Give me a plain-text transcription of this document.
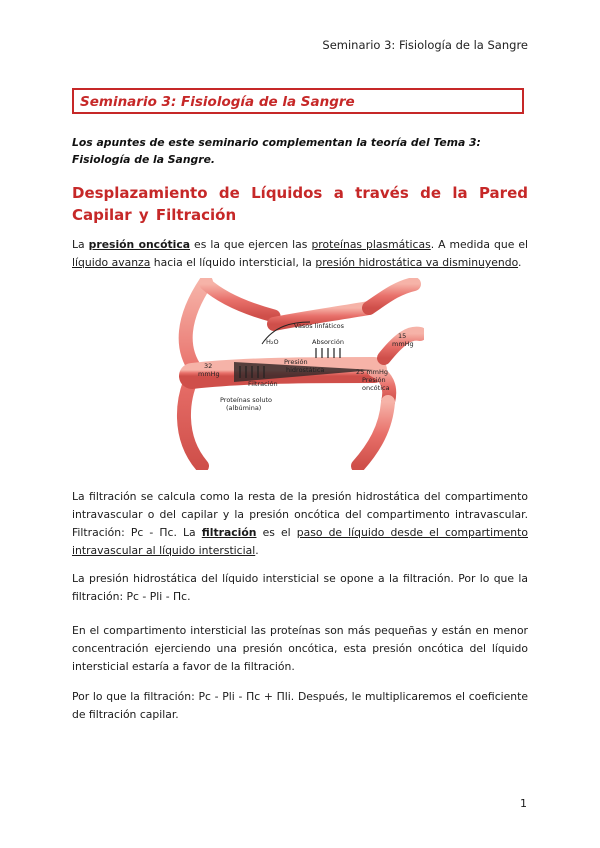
Seminario 3: Fisiología de la Sangre
Seminario 3: Fisiología de la Sangre
Los apuntes de este seminario complementan la teoría del Tema 3: Fisiología de la Sangre.
Desplazamiento de Líquidos a través de la Pared Capilar y Filtración
La presión oncótica es la que ejercen las proteínas plasmáticas. A medida que el líquido avanza hacia el líquido intersticial, la presión hidrostática va disminuyendo.
Vasos linfáticos
H₂O	Absorción
15
mmHg
32
mmHg
Presión
hidrostática	25 mmHg
Presión
oncótica
Filtración
Proteínas soluto
(albúmina)
La filtración se calcula como la resta de la presión hidrostática del compartimento intravascular o del capilar y la presión oncótica del compartimento intravascular. Filtración: Pc - Πc. La filtración es el paso de líquido desde el compartimento intravascular al líquido intersticial.
La presión hidrostática del líquido intersticial se opone a la filtración. Por lo que la filtración: Pc - Pli - Πc.
En el compartimento intersticial las proteínas son más pequeñas y están en menor concentración ejerciendo una presión oncótica, esta presión oncótica del líquido intersticial estaría a favor de la filtración.
Por lo que la filtración: Pc - Pli - Πc + Πli. Después, le multiplicaremos el coeficiente de filtración capilar.
1
